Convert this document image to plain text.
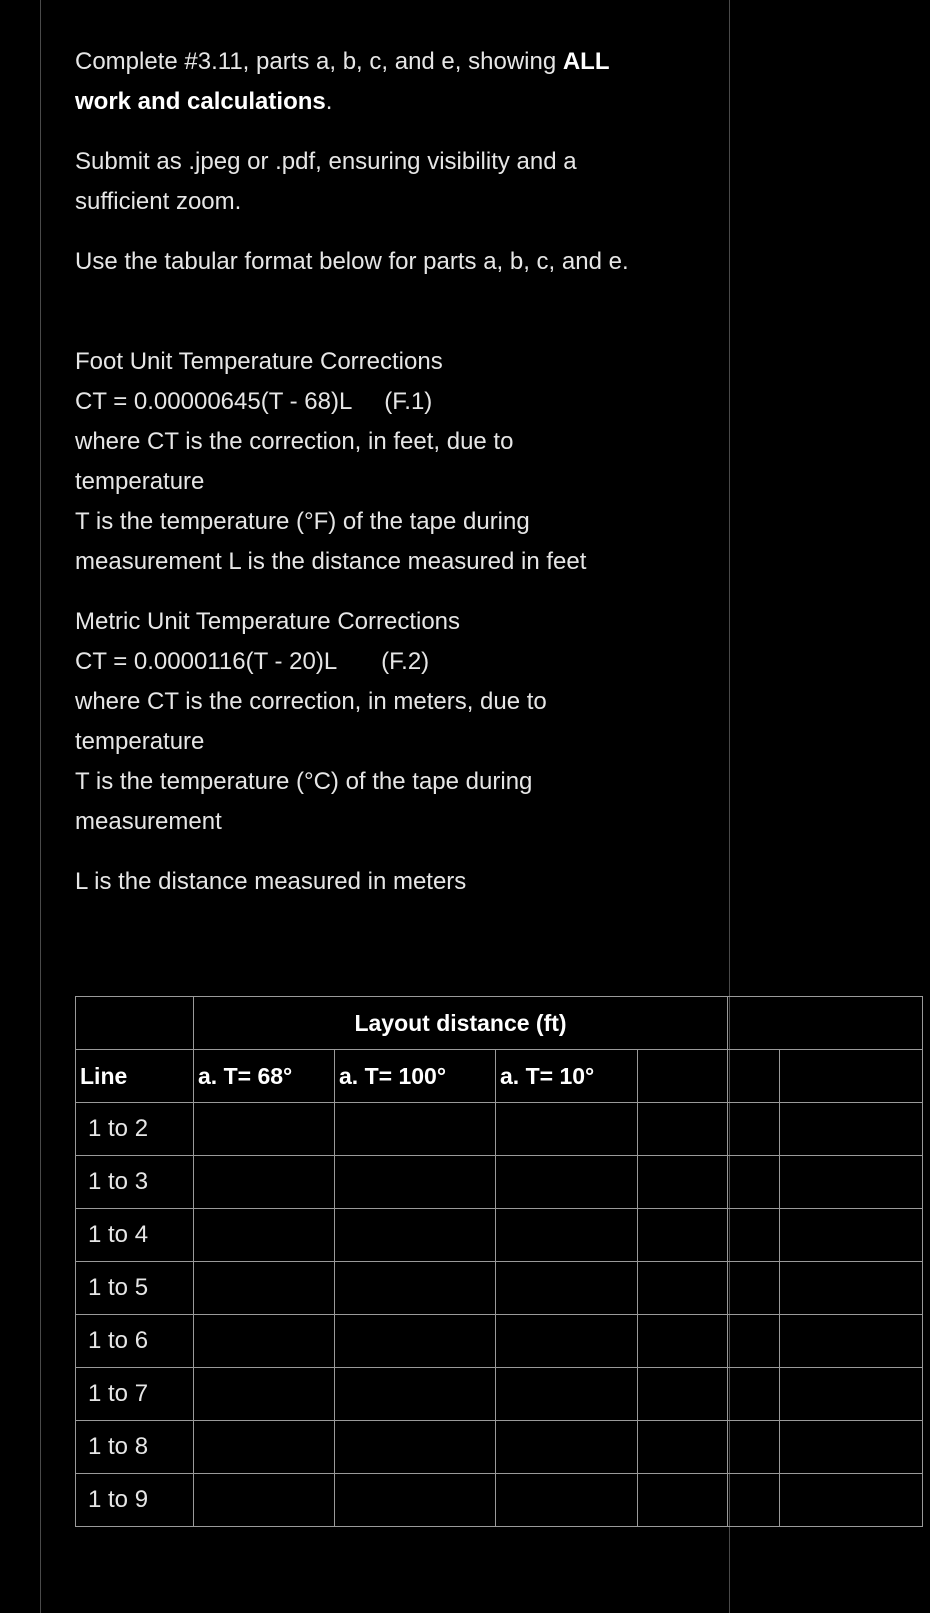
Complete #3.11, parts a, b, c, and e, showing ALL
work and calculations.

Submit as .jpeg or .pdf, ensuring visibility and a
sufficient zoom.

Use the tabular format below for parts a, b, c, and e.

Foot Unit Temperature Corrections
CT = 0.00000645(T - 68)L (F.1)
where CT is the correction, in feet, due to
temperature
T is the temperature (°F) of the tape during
measurement L is the distance measured in feet

Metric Unit Temperature Corrections
CT = 0.0000116(T - 20)L (F.2)
where CT is the correction, in meters, due to
temperature
T is the temperature (°C) of the tape during
measurement

L is the distance measured in meters

	Layout distance (ft)					
Line	a. T= 68°	a. T= 100°	a. T= 10°			
1 to 2						
1 to 3						
1 to 4						
1 to 5						
1 to 6						
1 to 7						
1 to 8						
1 to 9						
